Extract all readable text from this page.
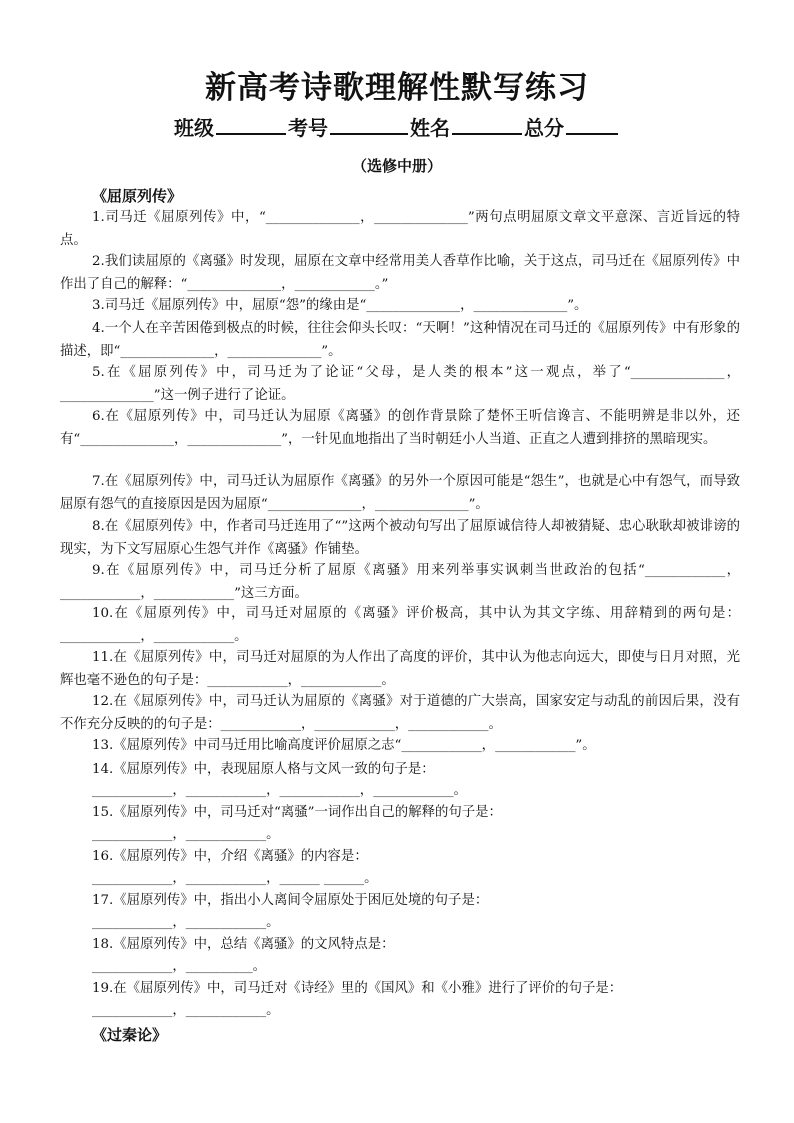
新高考诗歌理解性默写练习
班级	考号	姓名	总分
（选修中册）
《屈原列传》
1.司马迁《屈原列传》中，“______________，______________”两句点明屈原文章文平意深、言近旨远的特点。
2.我们读屈原的《离骚》时发现，屈原在文章中经常用美人香草作比喻，关于这点，司马迁在《屈原列传》中作出了自己的解释：“______________，____________。”
3.司马迁《屈原列传》中，屈原“怨”的缘由是“______________，______________”。
4.一个人在辛苦困倦到极点的时候，往往会仰头长叹：“天啊！”这种情况在司马迁的《屈原列传》中有形象的描述，即“______________，______________”。
5.在《屈原列传》中，司马迁为了论证“父母，是人类的根本”这一观点，举了“______________，______________”这一例子进行了论证。
6.在《屈原列传》中，司马迁认为屈原《离骚》的创作背景除了楚怀王听信谗言、不能明辨是非以外，还有“______________，______________”，一针见血地指出了当时朝廷小人当道、正直之人遭到排挤的黑暗现实。
7.在《屈原列传》中，司马迁认为屈原作《离骚》的另外一个原因可能是“怨生”，也就是心中有怨气，而导致屈原有怨气的直接原因是因为屈原“______________，______________”。
8.在《屈原列传》中，作者司马迁连用了“”这两个被动句写出了屈原诚信待人却被猜疑、忠心耿耿却被诽谤的现实，为下文写屈原心生怨气并作《离骚》作铺垫。
9.在《屈原列传》中，司马迁分析了屈原《离骚》用来列举事实讽刺当世政治的包括“____________，____________，____________”这三方面。
10.在《屈原列传》中，司马迁对屈原的《离骚》评价极高，其中认为其文字练、用辞精到的两句是：____________，____________。
11.在《屈原列传》中，司马迁对屈原的为人作出了高度的评价，其中认为他志向远大，即使与日月对照，光辉也毫不逊色的句子是：____________，____________。
12.在《屈原列传》中，司马迁认为屈原的《离骚》对于道德的广大崇高，国家安定与动乱的前因后果，没有不作充分反映的的句子是：____________，____________，____________。
13.《屈原列传》中司马迁用比喻高度评价屈原之志“____________，____________”。
14.《屈原列传》中，表现屈原人格与文风一致的句子是：
____________，____________，____________，____________。
15.《屈原列传》中，司马迁对“离骚”一词作出自己的解释的句子是：
____________，____________。
16.《屈原列传》中，介绍《离骚》的内容是：
____________，____________，______ ______。
17.《屈原列传》中，指出小人离间令屈原处于困厄处境的句子是：
____________，____________。
18.《屈原列传》中，总结《离骚》的文风特点是：
____________，__________。
19.在《屈原列传》中，司马迁对《诗经》里的《国风》和《小雅》进行了评价的句子是：
____________，____________。
《过秦论》
